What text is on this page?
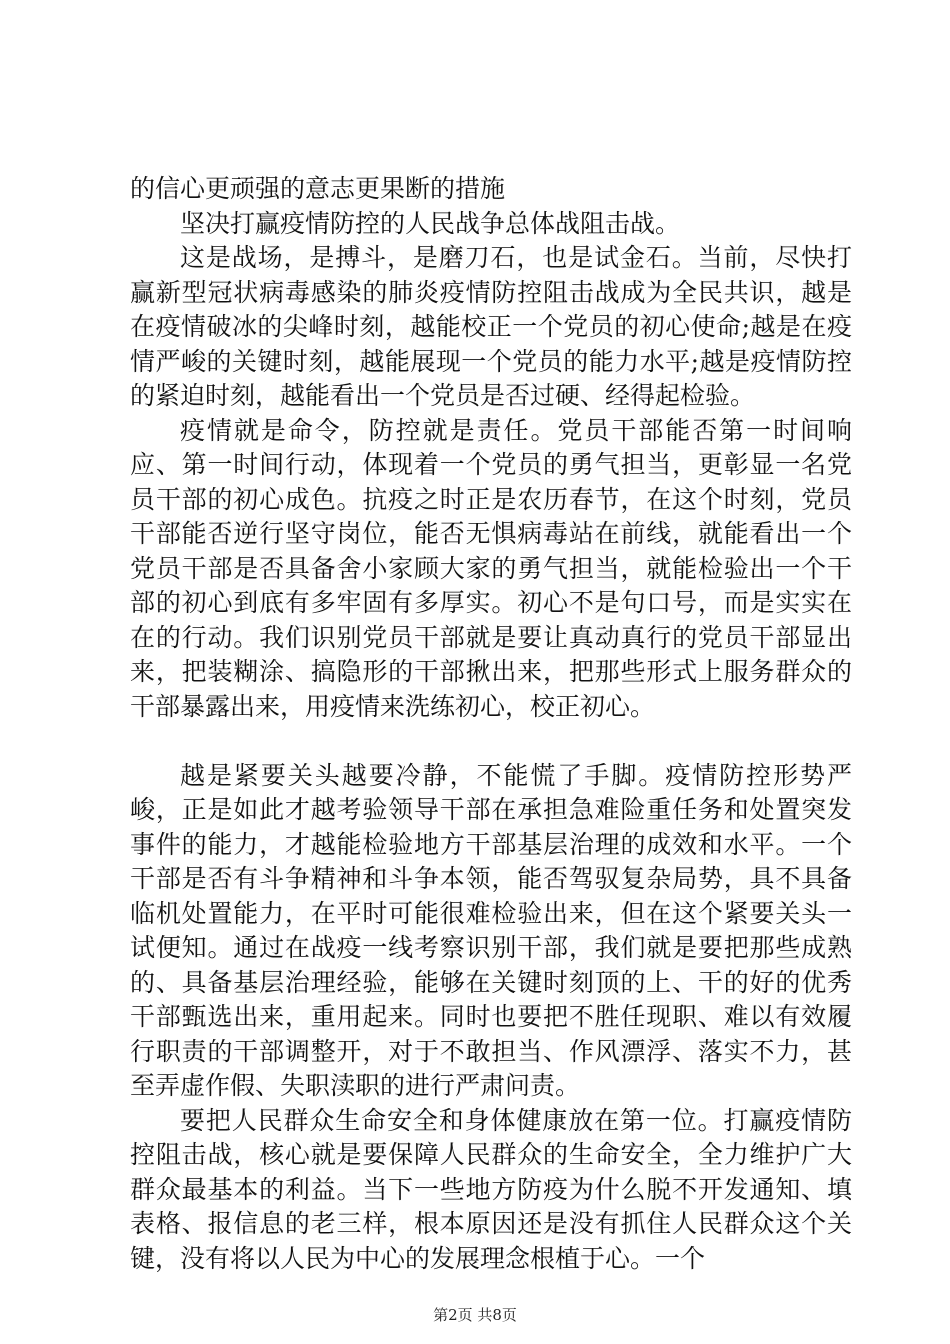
的信心更顽强的意志更果断的措施

坚决打赢疫情防控的人民战争总体战阻击战。

这是战场，是搏斗，是磨刀石，也是试金石。当前，尽快打赢新型冠状病毒感染的肺炎疫情防控阻击战成为全民共识，越是在疫情破冰的尖峰时刻，越能校正一个党员的初心使命;越是在疫情严峻的关键时刻，越能展现一个党员的能力水平;越是疫情防控的紧迫时刻，越能看出一个党员是否过硬、经得起检验。

疫情就是命令，防控就是责任。党员干部能否第一时间响应、第一时间行动，体现着一个党员的勇气担当，更彰显一名党员干部的初心成色。抗疫之时正是农历春节，在这个时刻，党员干部能否逆行坚守岗位，能否无惧病毒站在前线，就能看出一个党员干部是否具备舍小家顾大家的勇气担当，就能检验出一个干部的初心到底有多牢固有多厚实。初心不是句口号，而是实实在在的行动。我们识别党员干部就是要让真动真行的党员干部显出来，把装糊涂、搞隐形的干部揪出来，把那些形式上服务群众的干部暴露出来，用疫情来洗练初心，校正初心。

越是紧要关头越要冷静，不能慌了手脚。疫情防控形势严峻，正是如此才越考验领导干部在承担急难险重任务和处置突发事件的能力，才越能检验地方干部基层治理的成效和水平。一个干部是否有斗争精神和斗争本领，能否驾驭复杂局势，具不具备临机处置能力，在平时可能很难检验出来，但在这个紧要关头一试便知。通过在战疫一线考察识别干部，我们就是要把那些成熟的、具备基层治理经验，能够在关键时刻顶的上、干的好的优秀干部甄选出来，重用起来。同时也要把不胜任现职、难以有效履行职责的干部调整开，对于不敢担当、作风漂浮、落实不力，甚至弄虚作假、失职渎职的进行严肃问责。

要把人民群众生命安全和身体健康放在第一位。打赢疫情防控阻击战，核心就是要保障人民群众的生命安全，全力维护广大群众最基本的利益。当下一些地方防疫为什么脱不开发通知、填表格、报信息的老三样，根本原因还是没有抓住人民群众这个关键，没有将以人民为中心的发展理念根植于心。一个

第2页 共8页
